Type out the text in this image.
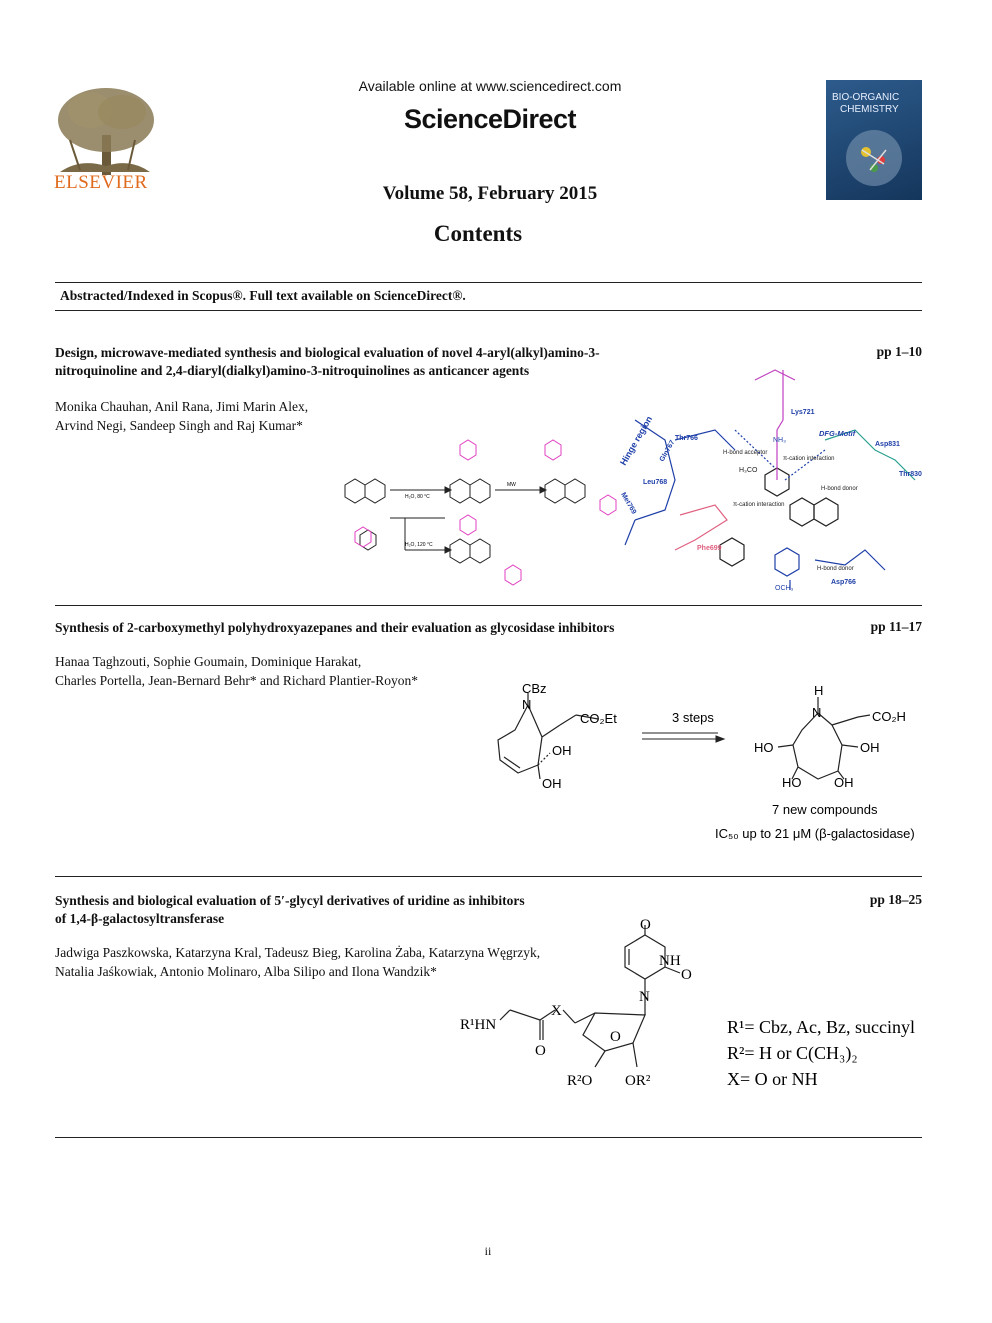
ELSEVIER
Available online at www.sciencedirect.com
ScienceDirect
BIO-ORGANIC
CHEMISTRY
Volume 58, February 2015
Contents
Abstracted/Indexed in Scopus®. Full text available on ScienceDirect®.
Design, microwave-mediated synthesis and biological evaluation of novel 4-aryl(alkyl)amino-3-
nitroquinoline and 2,4-diaryl(dialkyl)amino-3-nitroquinolines as anticancer agents
pp 1–10
Monika Chauhan, Anil Rana, Jimi Marin Alex,
Arvind Negi, Sandeep Singh and Raj Kumar*
MW
H₂O, 80 °C
H₂O, 120 °C
Lys721
Thr766
Gln767
Leu768
Met769
Phe699
Asp831
Thr830
Asp766
Hinge region	DFG-Motif
H-bond acceptor
π-cation interaction
H-bond donor
H-bond donor
π-cation interaction
H₃CO
NH₃
OCH₃
Synthesis of 2-carboxymethyl polyhydroxyazepanes and their evaluation as glycosidase inhibitors	pp 11–17
Hanaa Taghzouti, Sophie Goumain, Dominique Harakat,
Charles Portella, Jean-Bernard Behr* and Richard Plantier-Royon*
CBz
N
CO₂Et
OH
OH
3 steps
H
N	CO₂H
HO	OH
HO	OH
7 new compounds
IC₅₀ up to 21 μM (β-galactosidase)
Synthesis and biological evaluation of 5′-glycyl derivatives of uridine as inhibitors
of 1,4-β-galactosyltransferase
pp 18–25
Jadwiga Paszkowska, Katarzyna Kral, Tadeusz Bieg, Karolina Żaba, Katarzyna Węgrzyk,
Natalia Jaśkowiak, Antonio Molinaro, Alba Silipo and Ilona Wandzik*
O
NH
O
N
O
X
O
R¹HN
R²O OR²
R¹= Cbz, Ac, Bz, succinyl
R²= H or C(CH₃)₂
X= O or NH
ii
